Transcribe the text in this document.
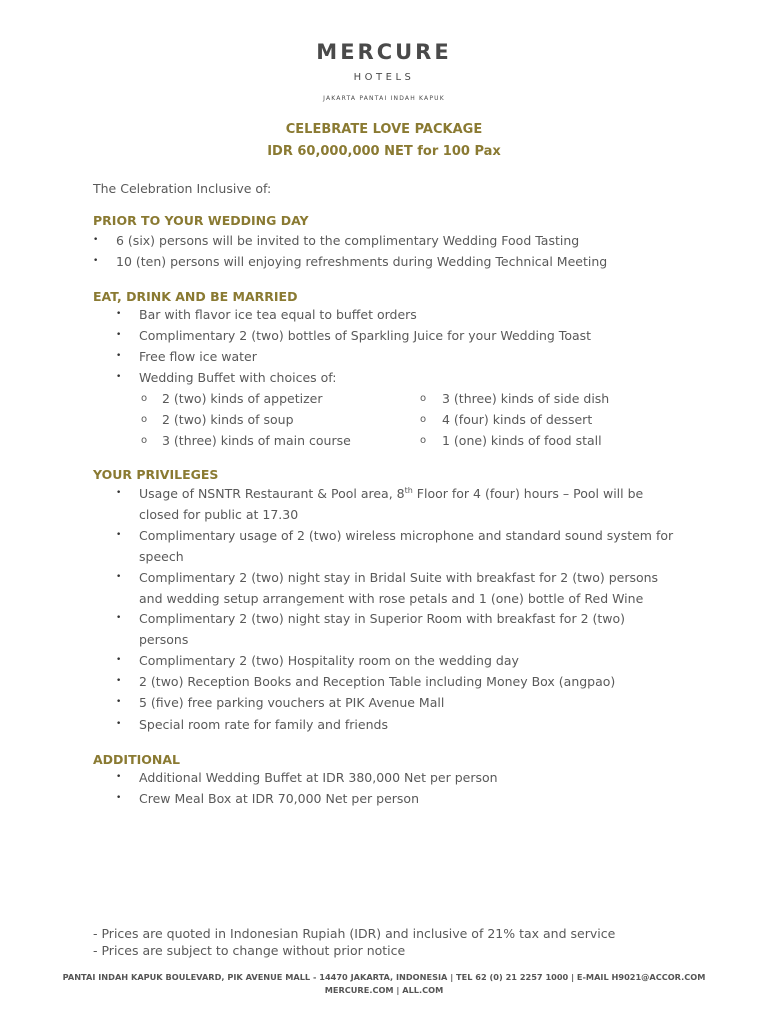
MERCURE
HOTELS
JAKARTA PANTAI INDAH KAPUK
CELEBRATE LOVE PACKAGE
IDR 60,000,000 NET for 100 Pax
The Celebration Inclusive of:
PRIOR TO YOUR WEDDING DAY
• 6 (six) persons will be invited to the complimentary Wedding Food Tasting
• 10 (ten) persons will enjoying refreshments during Wedding Technical Meeting
EAT, DRINK AND BE MARRIED
• Bar with flavor ice tea equal to buffet orders
• Complimentary 2 (two) bottles of Sparkling Juice for your Wedding Toast
• Free flow ice water
• Wedding Buffet with choices of:
o 2 (two) kinds of appetizer
o 2 (two) kinds of soup
o 3 (three) kinds of main course
o 3 (three) kinds of side dish
o 4 (four) kinds of dessert
o 1 (one) kinds of food stall
YOUR PRIVILEGES
• Usage of NSNTR Restaurant & Pool area, 8th Floor for 4 (four) hours – Pool will be
closed for public at 17.30
• Complimentary usage of 2 (two) wireless microphone and standard sound system for
speech
• Complimentary 2 (two) night stay in Bridal Suite with breakfast for 2 (two) persons
and wedding setup arrangement with rose petals and 1 (one) bottle of Red Wine
• Complimentary 2 (two) night stay in Superior Room with breakfast for 2 (two)
persons
• Complimentary 2 (two) Hospitality room on the wedding day
• 2 (two) Reception Books and Reception Table including Money Box (angpao)
• 5 (five) free parking vouchers at PIK Avenue Mall
• Special room rate for family and friends
ADDITIONAL
• Additional Wedding Buffet at IDR 380,000 Net per person
• Crew Meal Box at IDR 70,000 Net per person
- Prices are quoted in Indonesian Rupiah (IDR) and inclusive of 21% tax and service
- Prices are subject to change without prior notice
PANTAI INDAH KAPUK BOULEVARD, PIK AVENUE MALL - 14470 JAKARTA, INDONESIA | TEL 62 (0) 21 2257 1000 | E-MAIL H9021@ACCOR.COM
MERCURE.COM | ALL.COM
